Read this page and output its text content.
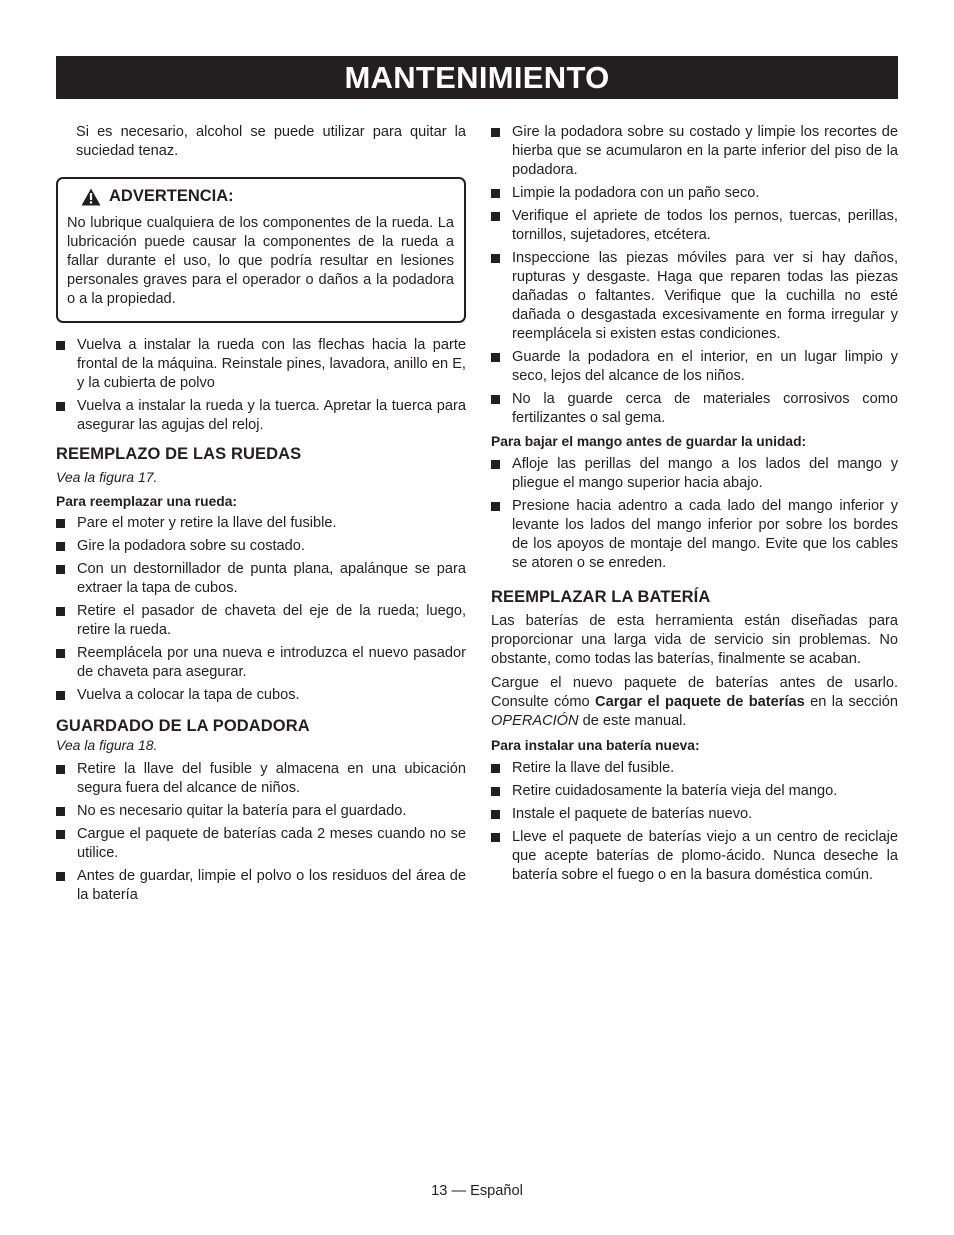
MANTENIMIENTO

Si es necesario, alcohol se puede utilizar para quitar la suciedad tenaz.

ADVERTENCIA:

No lubrique cualquiera de los componentes de la rueda. La lubricación puede causar la componentes de la rueda a fallar durante el uso, lo que podría resultar en lesiones personales graves para el operador o daños a la podadora o a la propiedad.

Vuelva a instalar la rueda con las flechas hacia la parte frontal de la máquina. Reinstale pines, lavadora, anillo en E, y la cubierta de polvo
Vuelva a instalar la rueda y la tuerca. Apretar la tuerca para asegurar las agujas del reloj.
REEMPLAZO DE LAS RUEDAS

Vea la figura 17.

Para reemplazar una rueda:

Pare el moter y retire la llave del fusible.
Gire la podadora sobre su costado.
Con un destornillador de punta plana, apalánque se para extraer la tapa de cubos.
Retire el pasador de chaveta del eje de la rueda; luego, retire la rueda.
Reemplácela por una nueva e introduzca el nuevo pasador de chaveta para asegurar.
Vuelva a colocar la tapa de cubos.
GUARDADO DE LA PODADORA

Vea la figura 18.

Retire la llave del fusible y almacena en una ubicación segura fuera del alcance de niños.
No es necesario quitar la batería para el guardado.
Cargue el paquete de baterías cada 2 meses cuando no se utilice.
Antes de guardar, limpie el polvo o los residuos del área de la batería
Gire la podadora sobre su costado y limpie los recortes de hierba que se acumularon en la parte inferior del piso de la podadora.
Limpie la podadora con un paño seco.
Verifique el apriete de todos los pernos, tuercas, perillas, tornillos, sujetadores, etcétera.
Inspeccione las piezas móviles para ver si hay daños, rupturas y desgaste. Haga que reparen todas las piezas dañadas o faltantes. Verifique que la cuchilla no esté dañada o desgastada excesivamente en forma irregular y reemplácela si existen estas condiciones.
Guarde la podadora en el interior, en un lugar limpio y seco, lejos del alcance de los niños.
No la guarde cerca de materiales corrosivos como fertilizantes o sal gema.

Para bajar el mango antes de guardar la unidad:

Afloje las perillas del mango a los lados del mango y pliegue el mango superior hacia abajo.
Presione hacia adentro a cada lado del mango inferior y levante los lados del mango inferior por sobre los bordes de los apoyos de montaje del mango. Evite que los cables se atoren o se enreden.
REEMPLAZAR LA BATERÍA

Las baterías de esta herramienta están diseñadas para proporcionar una larga vida de servicio sin problemas. No obstante, como todas las baterías, finalmente se acaban.

Cargue el nuevo paquete de baterías antes de usarlo. Consulte cómo Cargar el paquete de baterías en la sección OPERACIÓN de este manual.

Para instalar una batería nueva:

Retire la llave del fusible.
Retire cuidadosamente la batería vieja del mango.
Instale el paquete de baterías nuevo.
Lleve el paquete de baterías viejo a un centro de reciclaje que acepte baterías de plomo-ácido. Nunca deseche la batería sobre el fuego o en la basura doméstica común.
13 — Español
